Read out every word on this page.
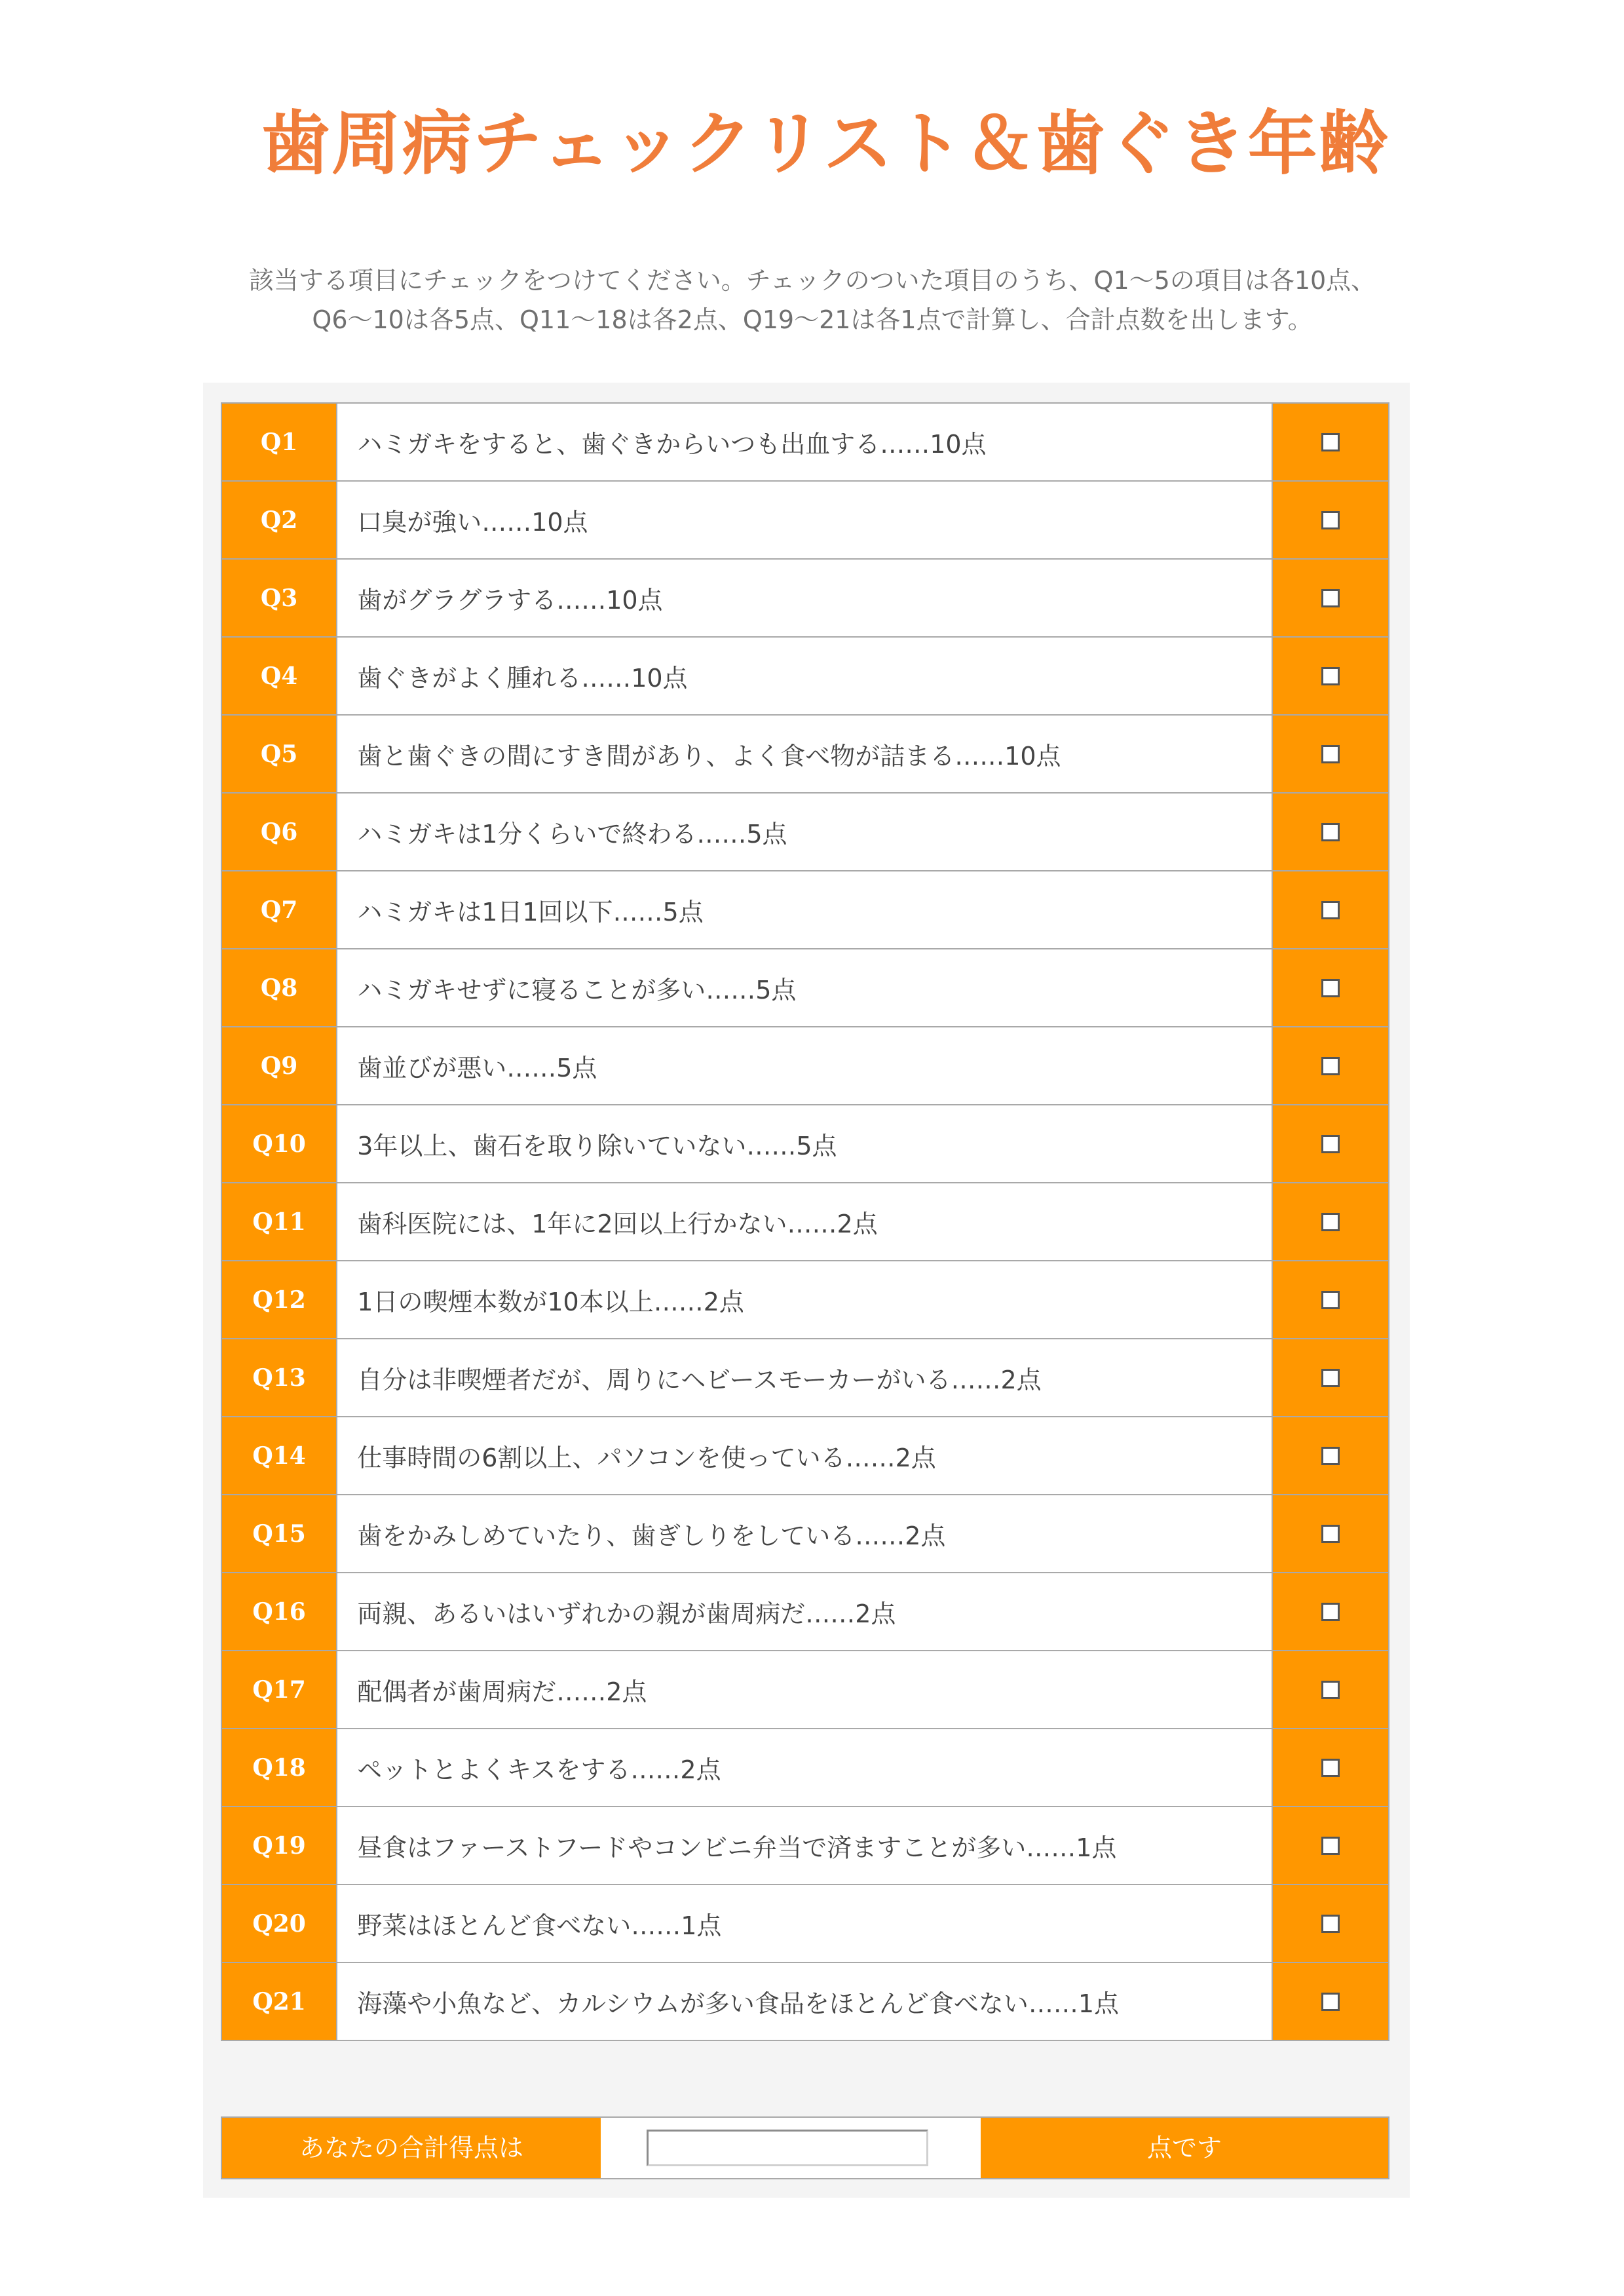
歯周病チェックリスト＆歯ぐき年齢
該当する項目にチェックをつけてください。チェックのついた項目のうち、Q1〜5の項目は各10点、
Q6〜10は各5点、Q11〜18は各2点、Q19〜21は各1点で計算し、合計点数を出します。
Q1	ハミガキをすると、歯ぐきからいつも出血する……10点	
Q2	口臭が強い……10点	
Q3	歯がグラグラする……10点	
Q4	歯ぐきがよく腫れる……10点	
Q5	歯と歯ぐきの間にすき間があり、よく食べ物が詰まる……10点	
Q6	ハミガキは1分くらいで終わる……5点	
Q7	ハミガキは1日1回以下……5点	
Q8	ハミガキせずに寝ることが多い……5点	
Q9	歯並びが悪い……5点	
Q10	3年以上、歯石を取り除いていない……5点	
Q11	歯科医院には、1年に2回以上行かない……2点	
Q12	1日の喫煙本数が10本以上……2点	
Q13	自分は非喫煙者だが、周りにヘビースモーカーがいる……2点	
Q14	仕事時間の6割以上、パソコンを使っている……2点	
Q15	歯をかみしめていたり、歯ぎしりをしている……2点	
Q16	両親、あるいはいずれかの親が歯周病だ……2点	
Q17	配偶者が歯周病だ……2点	
Q18	ペットとよくキスをする……2点	
Q19	昼食はファーストフードやコンビニ弁当で済ますことが多い……1点	
Q20	野菜はほとんど食べない……1点	
Q21	海藻や小魚など、カルシウムが多い食品をほとんど食べない……1点	
あなたの合計得点は	点です
